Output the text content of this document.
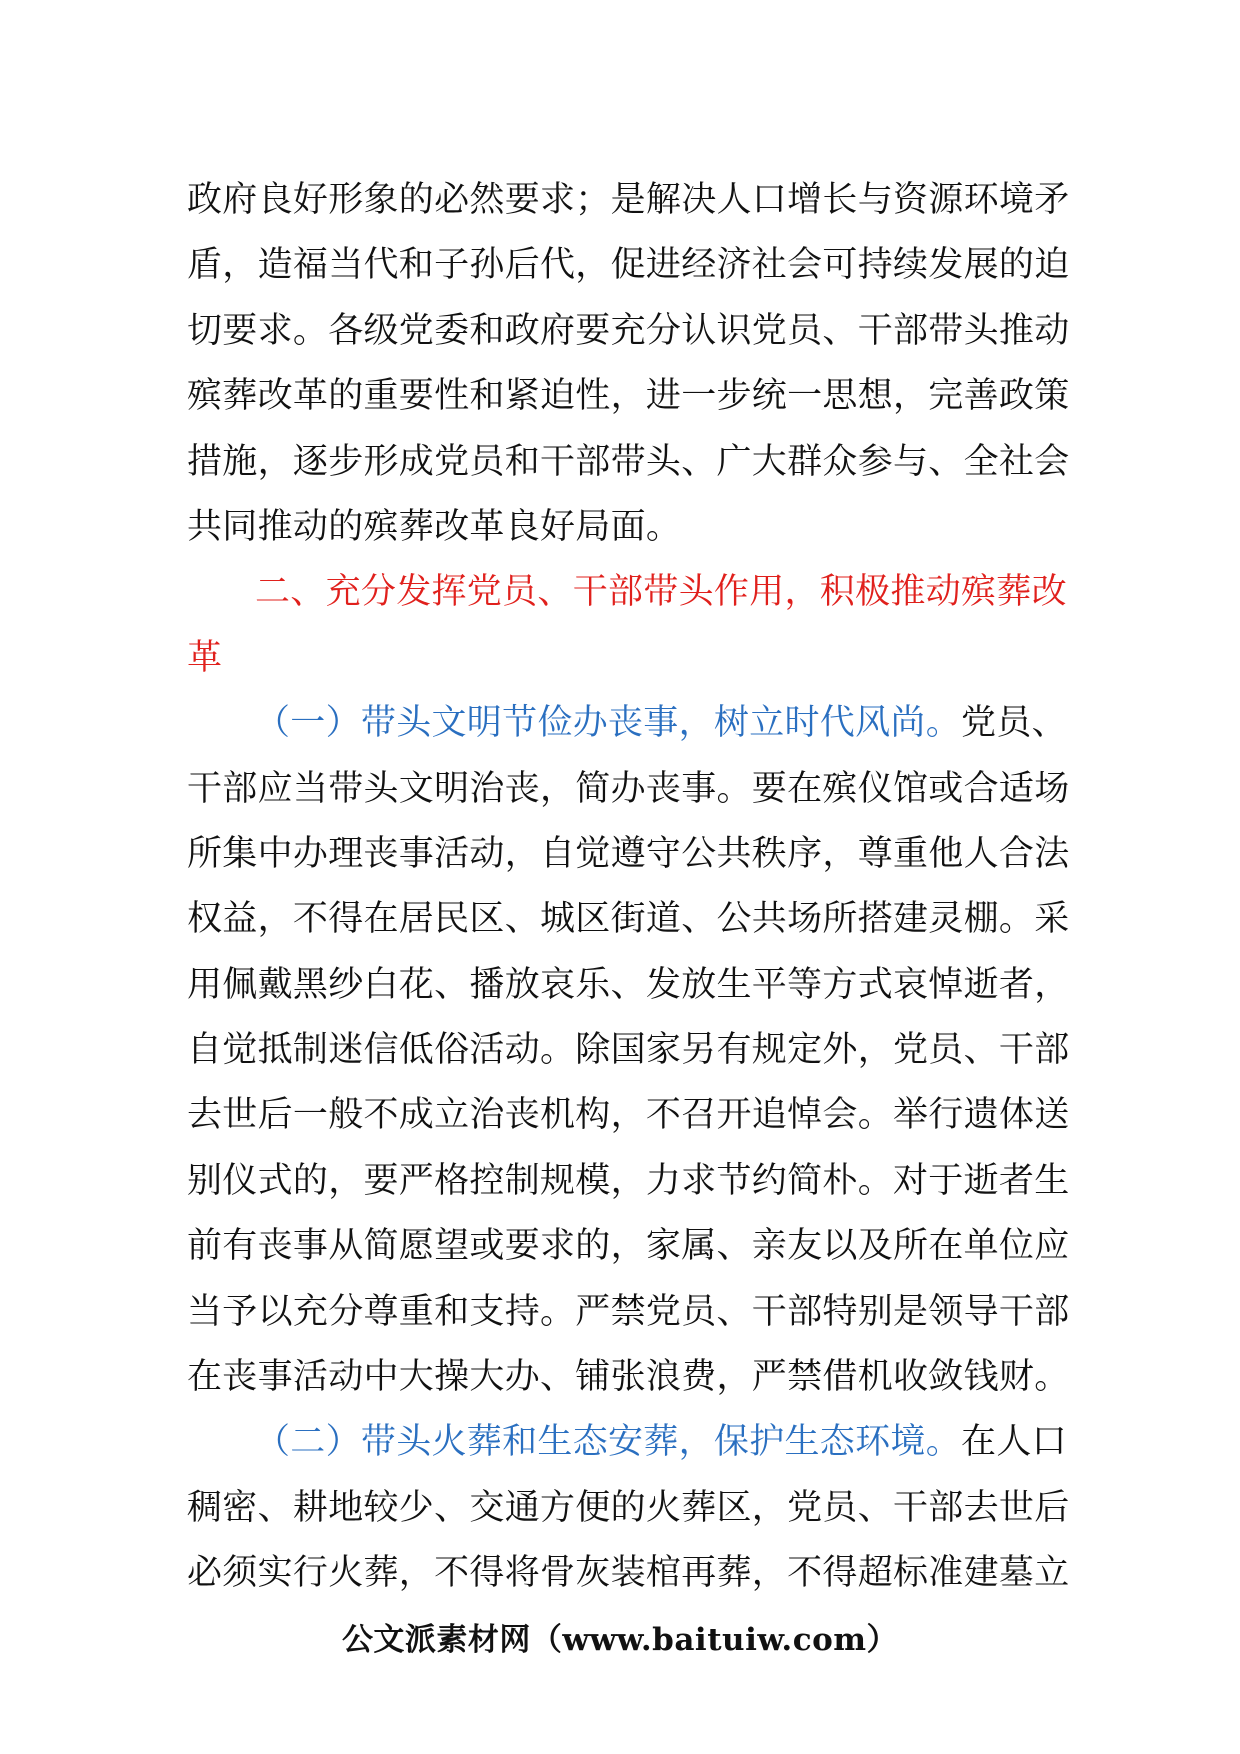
政府良好形象的必然要求；是解决人口增长与资源环境矛
盾，造福当代和子孙后代，促进经济社会可持续发展的迫
切要求。各级党委和政府要充分认识党员、干部带头推动
殡葬改革的重要性和紧迫性，进一步统一思想，完善政策
措施，逐步形成党员和干部带头、广大群众参与、全社会
共同推动的殡葬改革良好局面。
二、充分发挥党员、干部带头作用，积极推动殡葬改
革
（一）带头文明节俭办丧事，树立时代风尚。党员、
干部应当带头文明治丧，简办丧事。要在殡仪馆或合适场
所集中办理丧事活动，自觉遵守公共秩序，尊重他人合法
权益，不得在居民区、城区街道、公共场所搭建灵棚。采
用佩戴黑纱白花、播放哀乐、发放生平等方式哀悼逝者，
自觉抵制迷信低俗活动。除国家另有规定外，党员、干部
去世后一般不成立治丧机构，不召开追悼会。举行遗体送
别仪式的，要严格控制规模，力求节约简朴。对于逝者生
前有丧事从简愿望或要求的，家属、亲友以及所在单位应
当予以充分尊重和支持。严禁党员、干部特别是领导干部
在丧事活动中大操大办、铺张浪费，严禁借机收敛钱财。
（二）带头火葬和生态安葬，保护生态环境。在人口
稠密、耕地较少、交通方便的火葬区，党员、干部去世后
必须实行火葬，不得将骨灰装棺再葬，不得超标准建墓立
公文派素材网（www.baituiw.com）
